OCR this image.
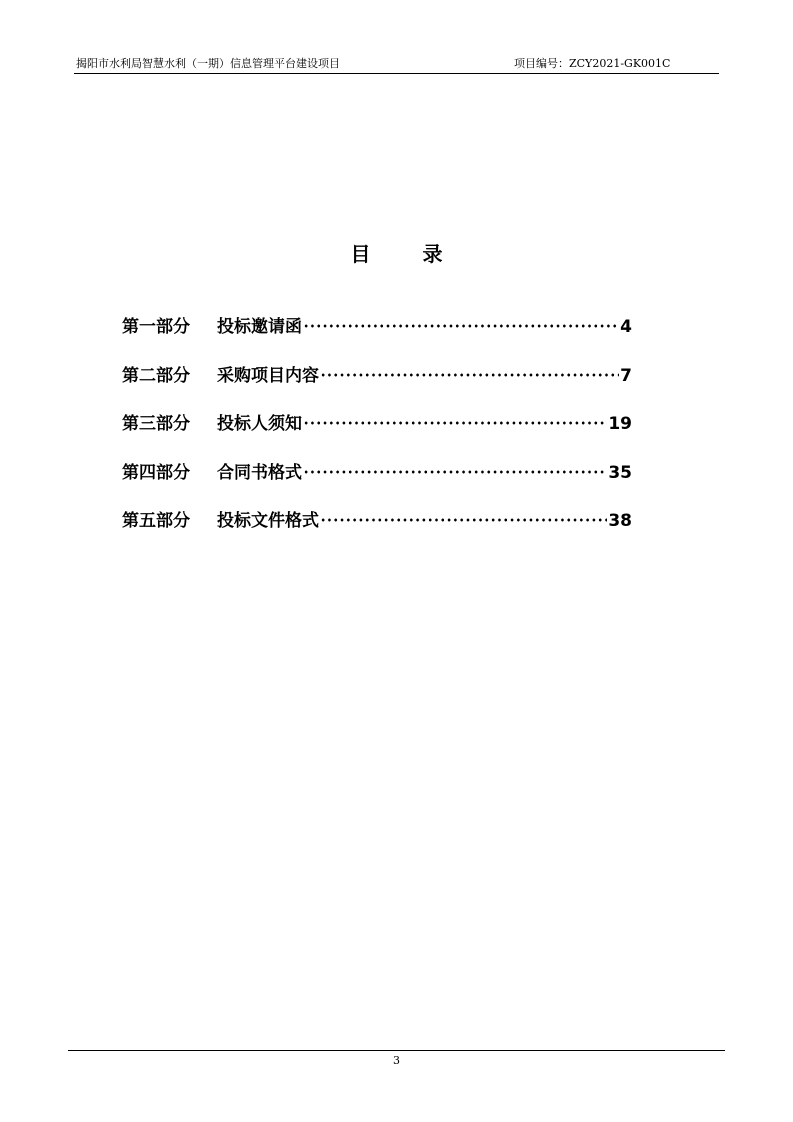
揭阳市水利局智慧水利（一期）信息管理平台建设项目	项目编号：ZCY2021-GK001C
目录
第一部分	投标邀请函	4
第二部分	采购项目内容	7
第三部分	投标人须知	19
第四部分	合同书格式	35
第五部分	投标文件格式	38
3
